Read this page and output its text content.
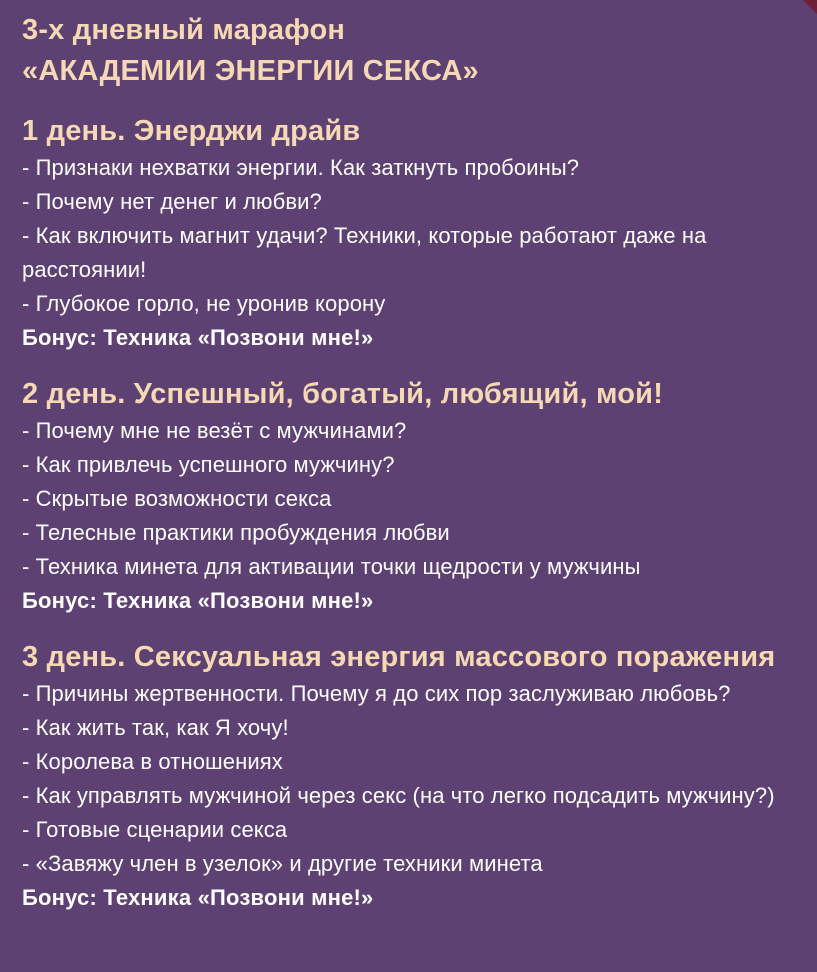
3-х дневный марафон
«АКАДЕМИИ ЭНЕРГИИ СЕКСА»
1 день. Энерджи драйв
- Признаки нехватки энергии. Как заткнуть пробоины?
- Почему нет денег и любви?
- Как включить магнит удачи? Техники, которые работают даже на расстоянии!
- Глубокое горло, не уронив корону
Бонус: Техника «Позвони мне!»
2 день. Успешный, богатый, любящий, мой!
- Почему мне не везёт с мужчинами?
- Как привлечь успешного мужчину?
- Скрытые возможности секса
- Телесные практики пробуждения любви
- Техника минета для активации точки щедрости у мужчины
Бонус: Техника «Позвони мне!»
3 день. Сексуальная энергия массового поражения
- Причины жертвенности. Почему я до сих пор заслуживаю любовь?
- Как жить так, как Я хочу!
- Королева в отношениях
- Как управлять мужчиной через секс (на что легко подсадить мужчину?)
- Готовые сценарии секса
- «Завяжу член в узелок» и другие техники минета
Бонус: Техника «Позвони мне!»
